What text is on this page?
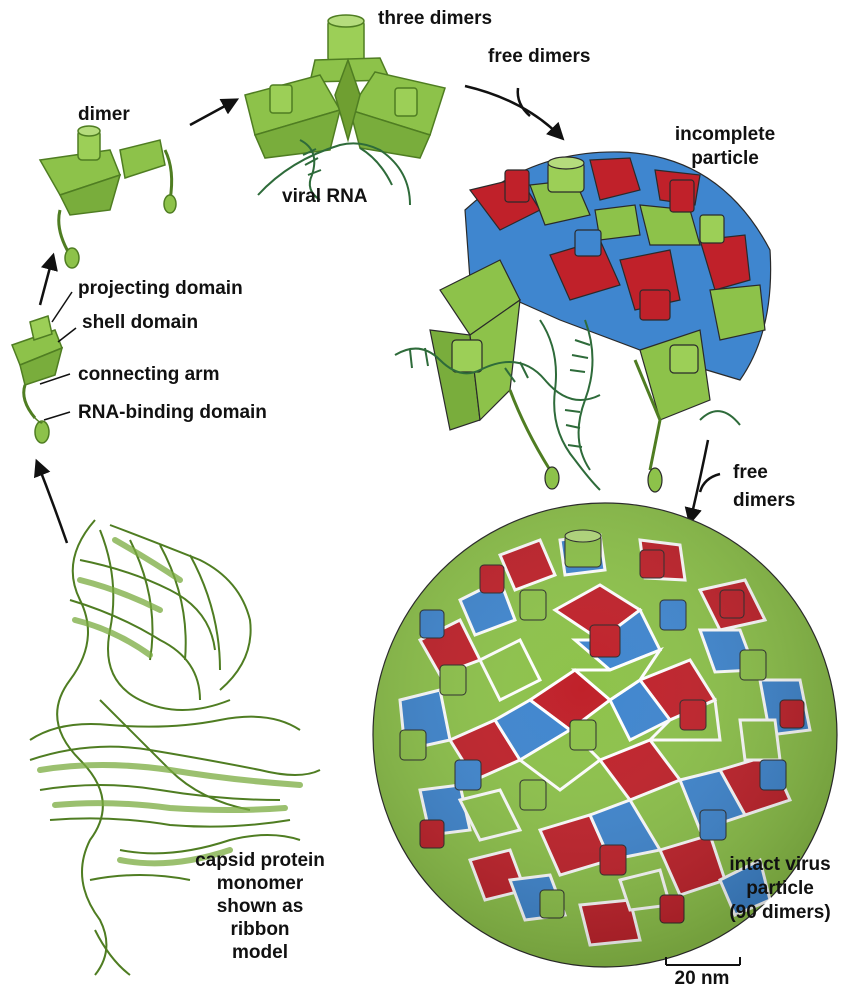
dimer
three dimers
free dimers
viral RNA
incomplete
particle
projecting domain
shell domain
connecting arm
RNA-binding domain
free
dimers
capsid protein
monomer
shown as
ribbon
model
intact virus
particle
(90 dimers)
20 nm
